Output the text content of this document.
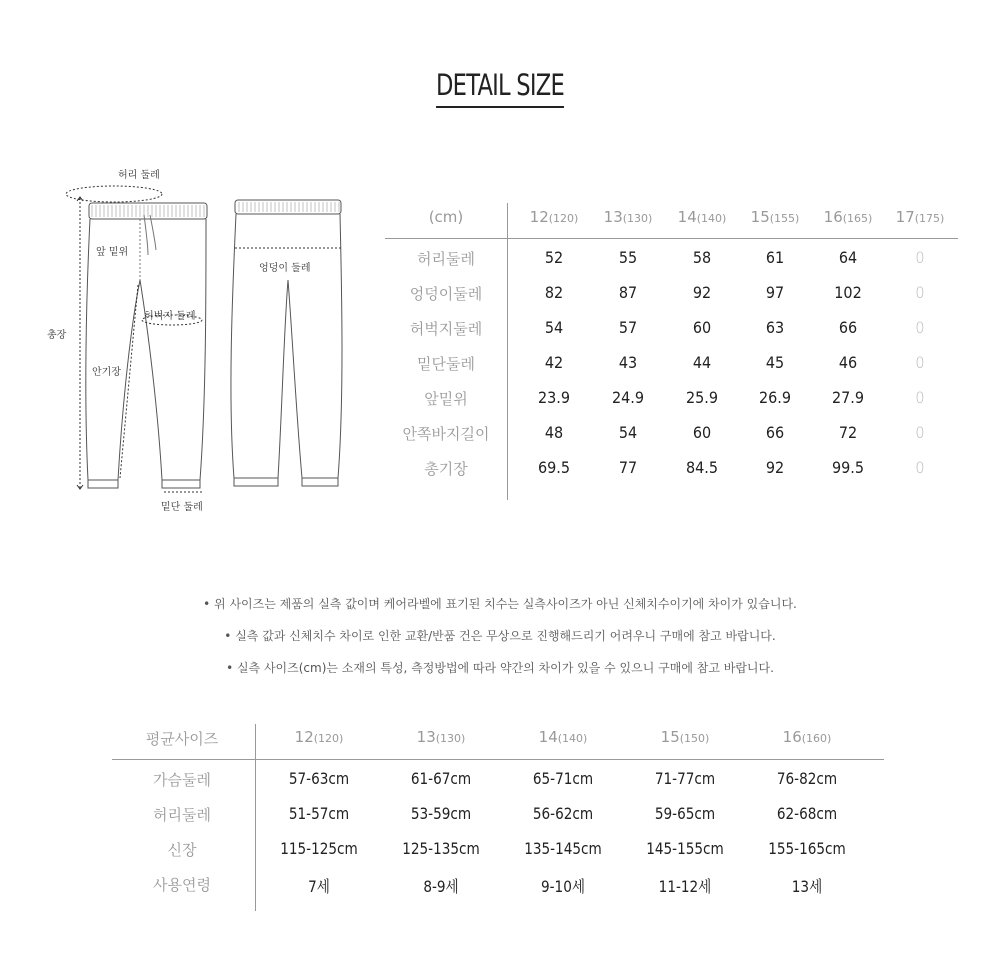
DETAIL SIZE
허리 둘레
앞 밑위
엉덩이 둘레
허벅지 둘레
총장
안기장
밑단 둘레
(cm)	12(120)	13(130)	14(140)	15(155)	16(165)	17(175)
허리둘레	52	55	58	61	64	0
엉덩이둘레	82	87	92	97	102	0
허벅지둘레	54	57	60	63	66	0
밑단둘레	42	43	44	45	46	0
앞밑위	23.9	24.9	25.9	26.9	27.9	0
안쪽바지길이	48	54	60	66	72	0
총기장	69.5	77	84.5	92	99.5	0
• 위 사이즈는 제품의 실측 값이며 케어라벨에 표기된 치수는 실측사이즈가 아닌 신체치수이기에 차이가 있습니다.
• 실측 값과 신체치수 차이로 인한 교환/반품 건은 무상으로 진행해드리기 어려우니 구매에 참고 바랍니다.
• 실측 사이즈(cm)는 소재의 특성, 측정방법에 따라 약간의 차이가 있을 수 있으니 구매에 참고 바랍니다.
평균사이즈	12(120)	13(130)	14(140)	15(150)	16(160)
가슴둘레	57-63cm	61-67cm	65-71cm	71-77cm	76-82cm
허리둘레	51-57cm	53-59cm	56-62cm	59-65cm	62-68cm
신장	115-125cm	125-135cm	135-145cm	145-155cm	155-165cm
사용연령	7세	8-9세	9-10세	11-12세	13세
